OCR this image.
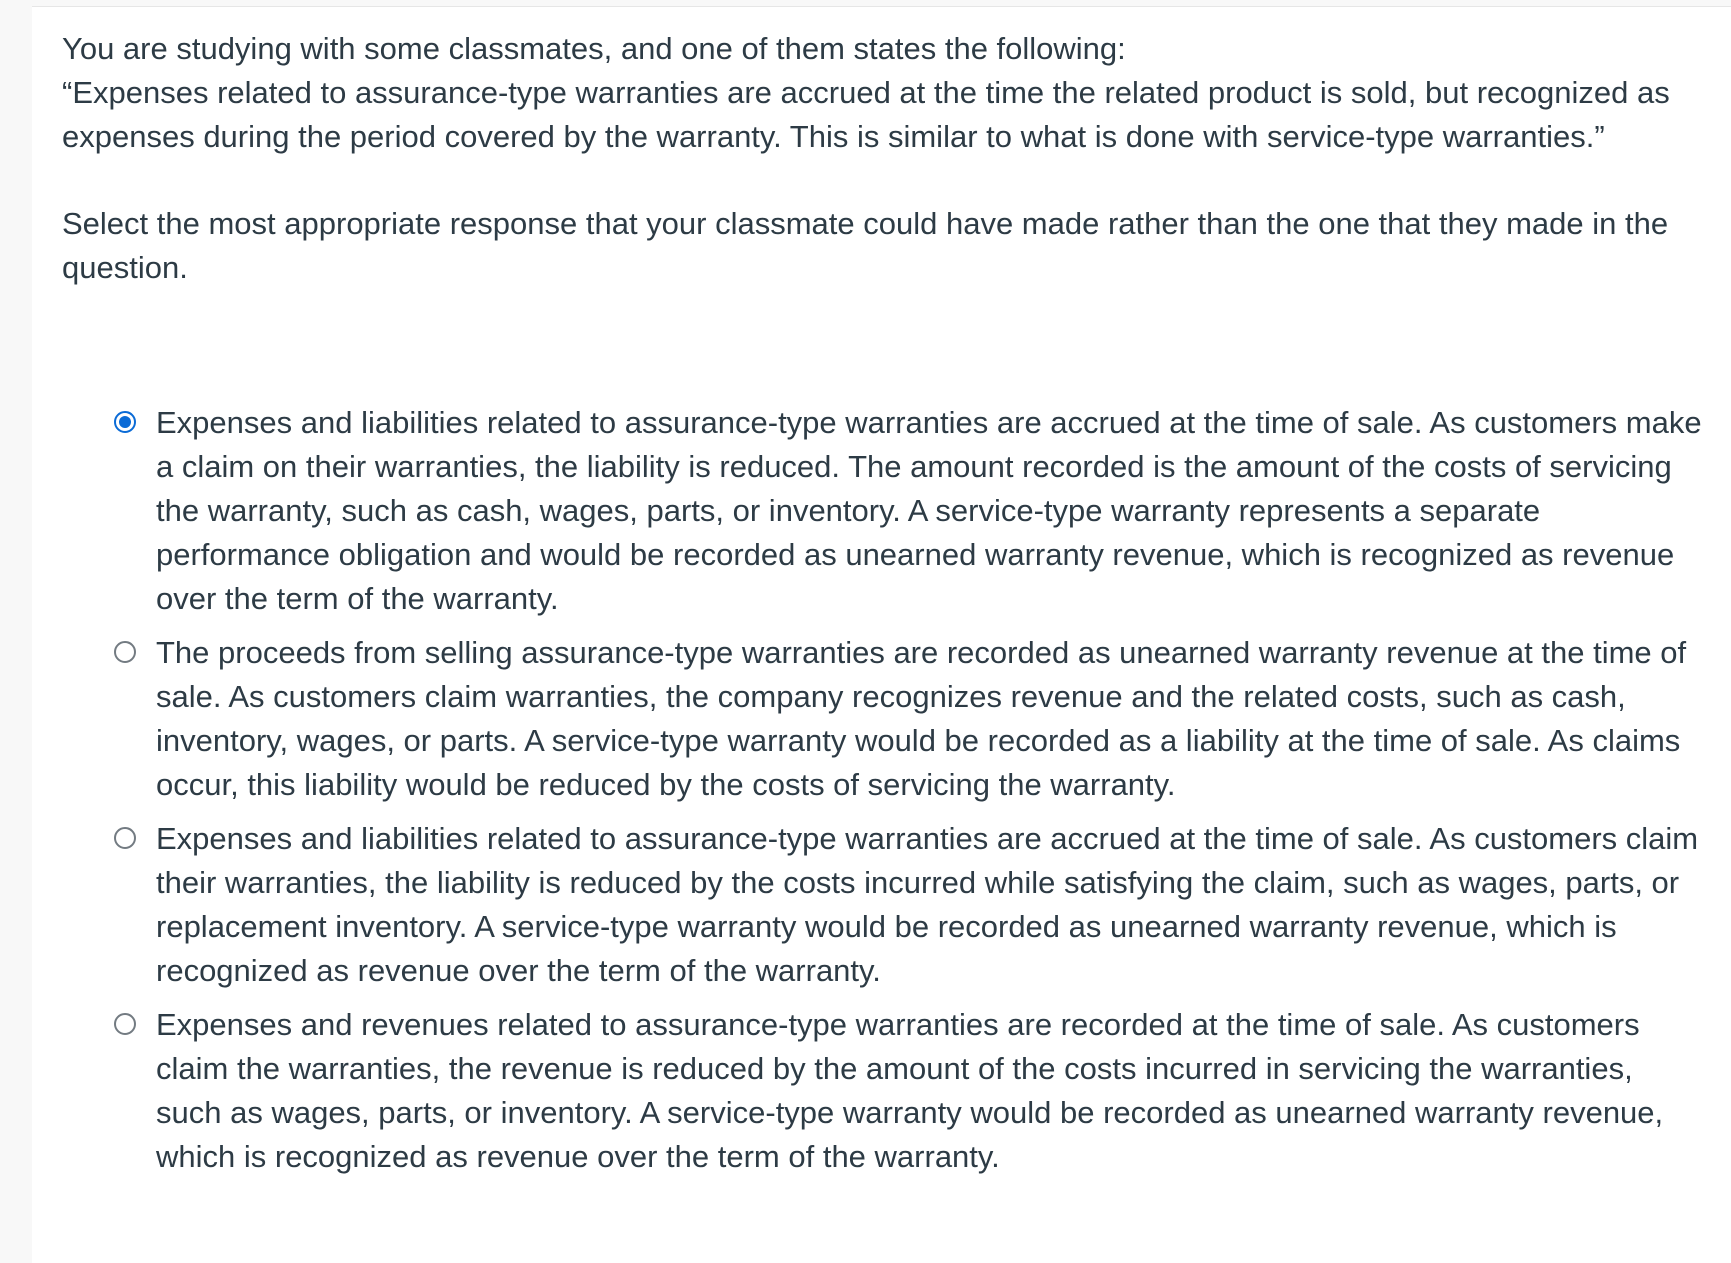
You are studying with some classmates, and one of them states the following:

“Expenses related to assurance-type warranties are accrued at the time the related product is sold, but recognized as expenses during the period covered by the warranty. This is similar to what is done with service-type warranties.”

Select the most appropriate response that your classmate could have made rather than the one that they made in the question.

Expenses and liabilities related to assurance-type warranties are accrued at the time of sale. As customers make a claim on their warranties, the liability is reduced. The amount recorded is the amount of the costs of servicing the warranty, such as cash, wages, parts, or inventory. A service-type warranty represents a separate performance obligation and would be recorded as unearned warranty revenue, which is recognized as revenue over the term of the warranty.
The proceeds from selling assurance-type warranties are recorded as unearned warranty revenue at the time of sale. As customers claim warranties, the company recognizes revenue and the related costs, such as cash, inventory, wages, or parts. A service-type warranty would be recorded as a liability at the time of sale. As claims occur, this liability would be reduced by the costs of servicing the warranty.
Expenses and liabilities related to assurance-type warranties are accrued at the time of sale. As customers claim their warranties, the liability is reduced by the costs incurred while satisfying the claim, such as wages, parts, or replacement inventory. A service-type warranty would be recorded as unearned warranty revenue, which is recognized as revenue over the term of the warranty.
Expenses and revenues related to assurance-type warranties are recorded at the time of sale. As customers claim the warranties, the revenue is reduced by the amount of the costs incurred in servicing the warranties, such as wages, parts, or inventory. A service-type warranty would be recorded as unearned warranty revenue, which is recognized as revenue over the term of the warranty.
